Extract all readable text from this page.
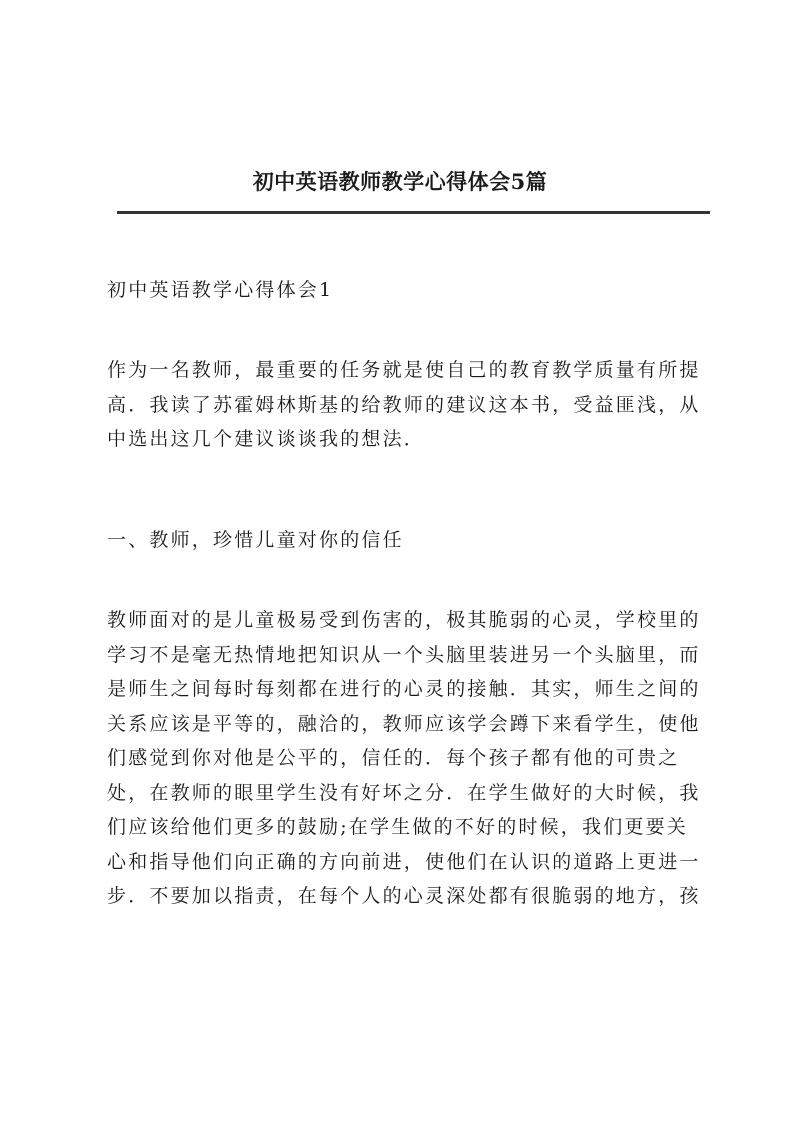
初中英语教师教学心得体会5篇
初中英语教学心得体会1
作为一名教师，最重要的任务就是使自己的教育教学质量有所提
高．我读了苏霍姆林斯基的给教师的建议这本书，受益匪浅，从
中选出这几个建议谈谈我的想法．
一、教师，珍惜儿童对你的信任
教师面对的是儿童极易受到伤害的，极其脆弱的心灵，学校里的
学习不是毫无热情地把知识从一个头脑里装进另一个头脑里，而
是师生之间每时每刻都在进行的心灵的接触．其实，师生之间的
关系应该是平等的，融洽的，教师应该学会蹲下来看学生，使他
们感觉到你对他是公平的，信任的．每个孩子都有他的可贵之
处，在教师的眼里学生没有好坏之分．在学生做好的大时候，我
们应该给他们更多的鼓励;在学生做的不好的时候，我们更要关
心和指导他们向正确的方向前进，使他们在认识的道路上更进一
步．不要加以指责，在每个人的心灵深处都有很脆弱的地方，孩
